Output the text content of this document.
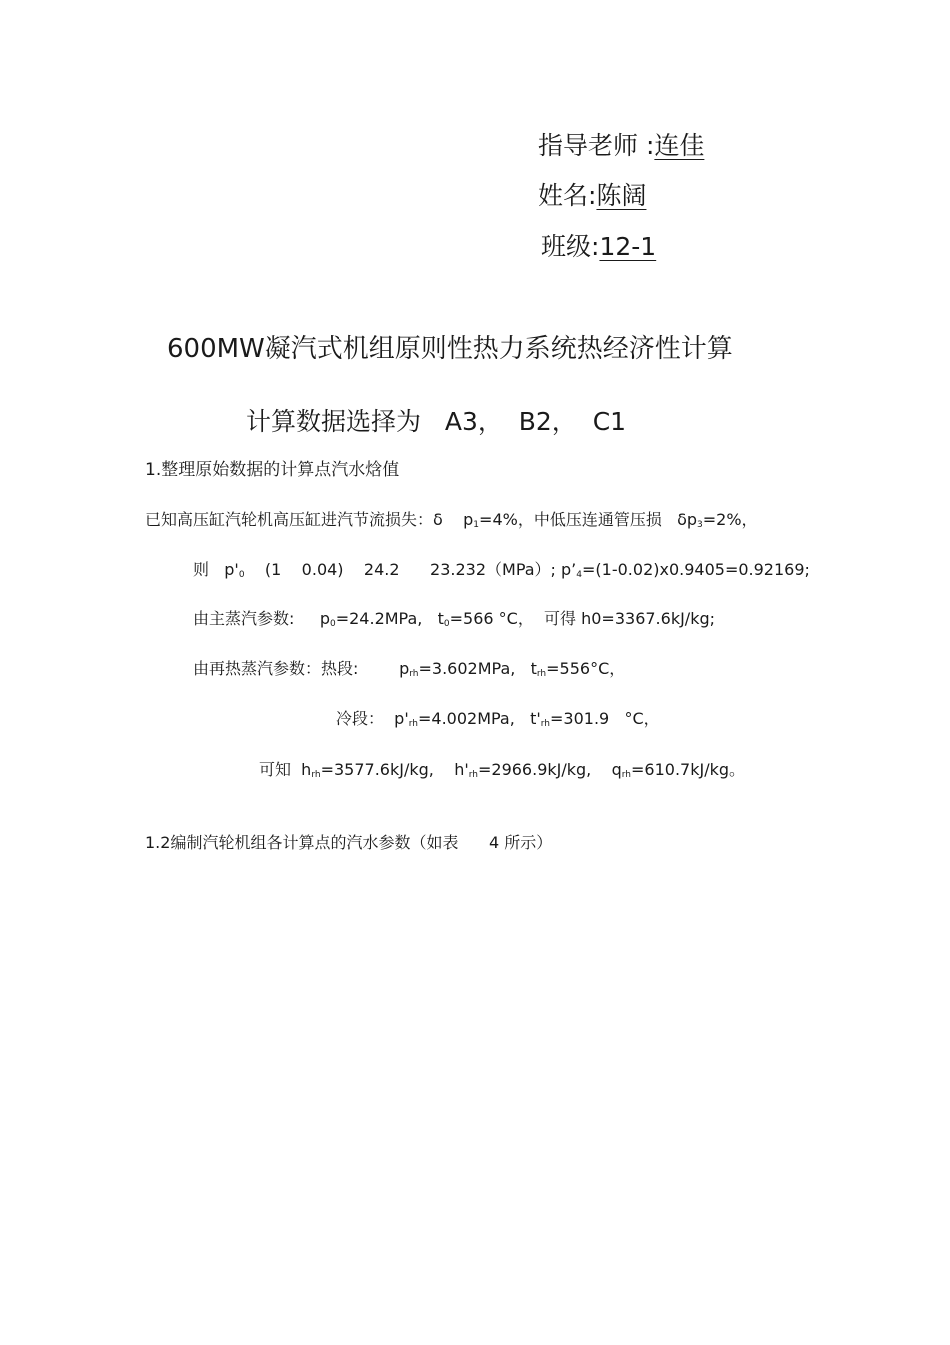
指导老师 :连佳
姓名:陈阔
班级:12-1
600MW凝汽式机组原则性热力系统热经济性计算
计算数据选择为   A3，  B2，  C1
1.整理原始数据的计算点汽水焓值
已知高压缸汽轮机高压缸进汽节流损失：δ    $p_1=4\%$，中低压连通管压损   $\delta p_3=2\%$，
则   $p'_0$    (1    0.04)    24.2      23.232（MPa）; $p’_4=(1-0.02)x0.9405=0.92169$;
由主蒸汽参数:     $p_0=24.2MPa$,   $t_0=566$ °C，  可得 h0=3367.6kJ/kg;
由再热蒸汽参数：热段:        $p_{rh}=3.602MPa$,   $t_{rh}=556^\circ C$，
冷段：  $p'_{rh}=4.002MPa$,   $t'_{rh}=301.9$   °C，
可知  $h_{rh}=3577.6kJ/kg$,    $h'_{rh}=2966.9kJ/kg$,    $q_{rh}=610.7kJ/kg$。
1.2编制汽轮机组各计算点的汽水参数（如表      4 所示）
